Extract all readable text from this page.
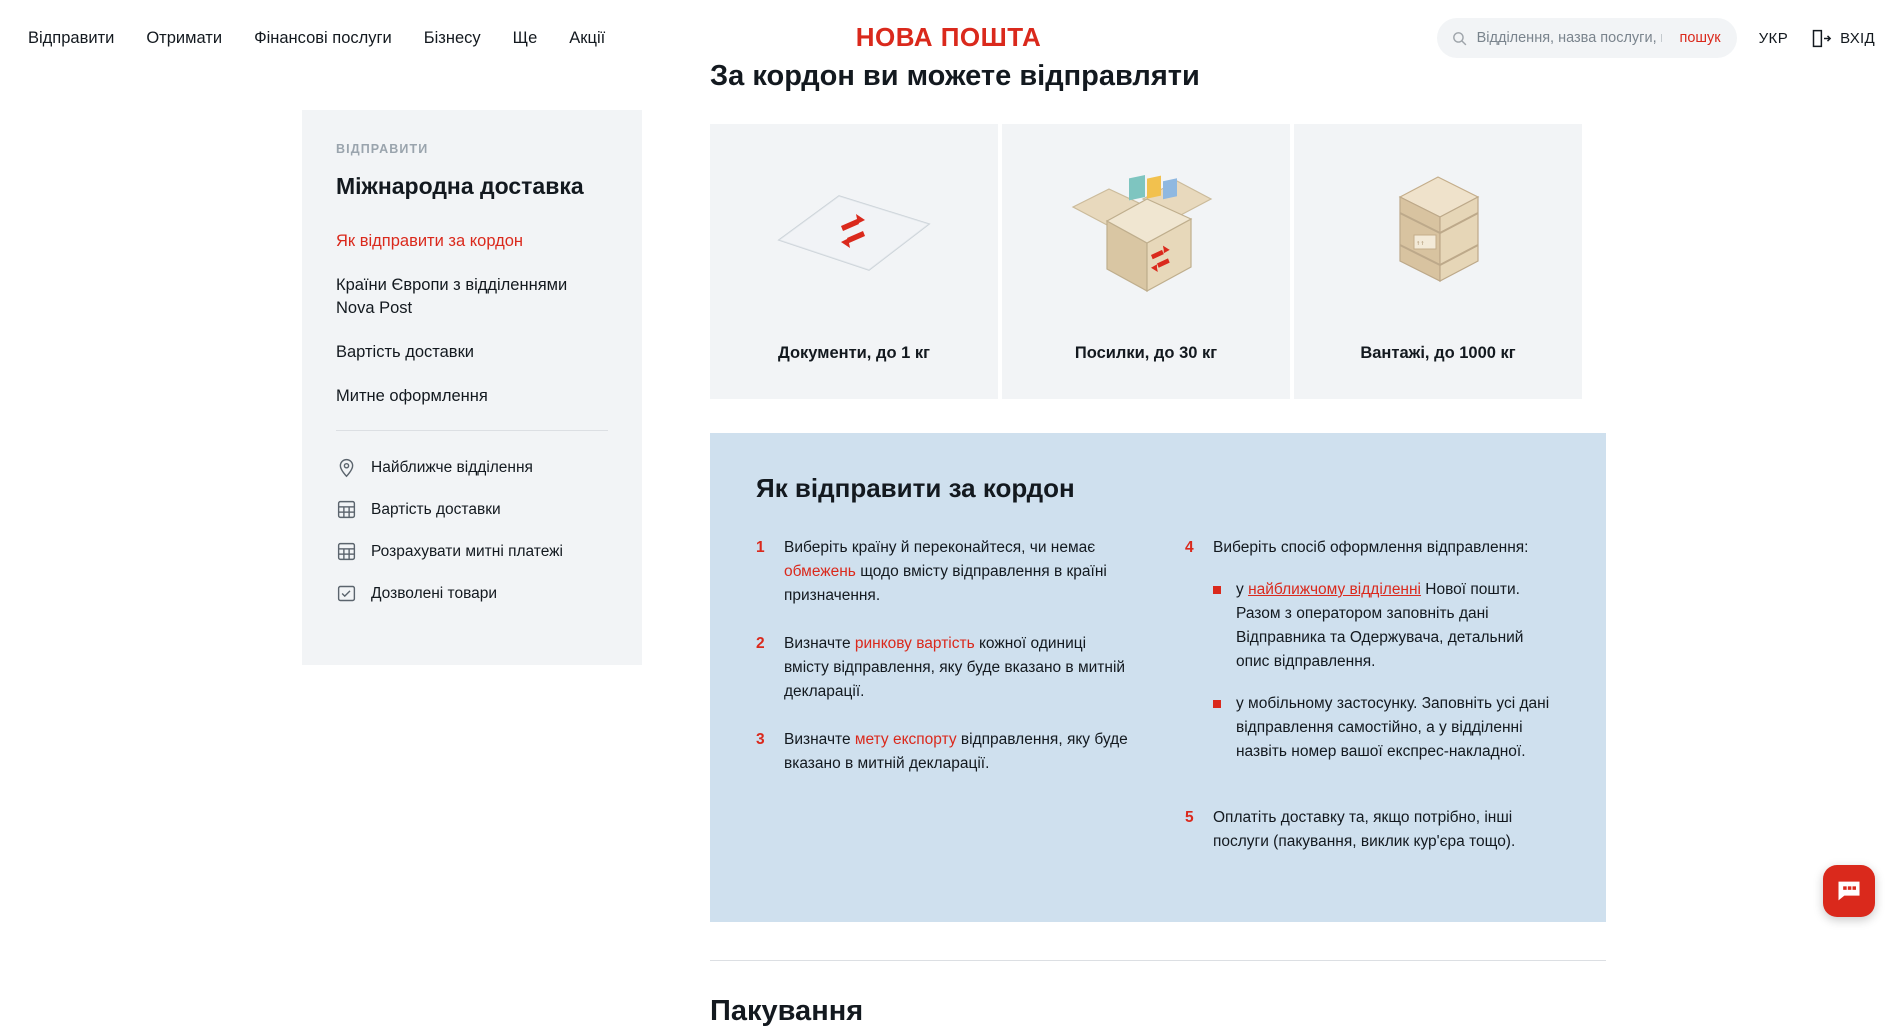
Відправити Отримати Фінансові послуги Бізнесу Ще Акції	НОВА ПОШТА
Відділення, назва послуги, номер	пошук	УКР	ВХІД
ВІДПРАВИТИ
Міжнародна доставка
Як відправити за кордон
Країни Європи з відділеннями Nova Post
Вартість доставки
Митне оформлення
Найближче відділення
Вартість доставки
Розрахувати митні платежі
Дозволені товари
За кордон ви можете відправляти
Документи, до 1 кг	Посилки, до 30 кг
↑↑
Вантажі, до 1000 кг
Як відправити за кордон
1 Виберіть країну й переконайтеся, чи немає обмежень щодо вмісту відправлення в країні призначення.
2 Визначте ринкову вартість кожної одиниці вмісту відправлення, яку буде вказано в митній декларації.
3 Визначте мету експорту відправлення, яку буде вказано в митній декларації.
4 Виберіть спосіб оформлення відправлення:
у найближчому відділенні Нової пошти. Разом з оператором заповніть дані Відправника та Одержувача, детальний опис відправлення.
у мобільному застосунку. Заповніть усі дані відправлення самостійно, а у відділенні назвіть номер вашої експрес-накладної.
5 Оплатіть доставку та, якщо потрібно, інші послуги (пакування, виклик кур'єра тощо).
Пакування
